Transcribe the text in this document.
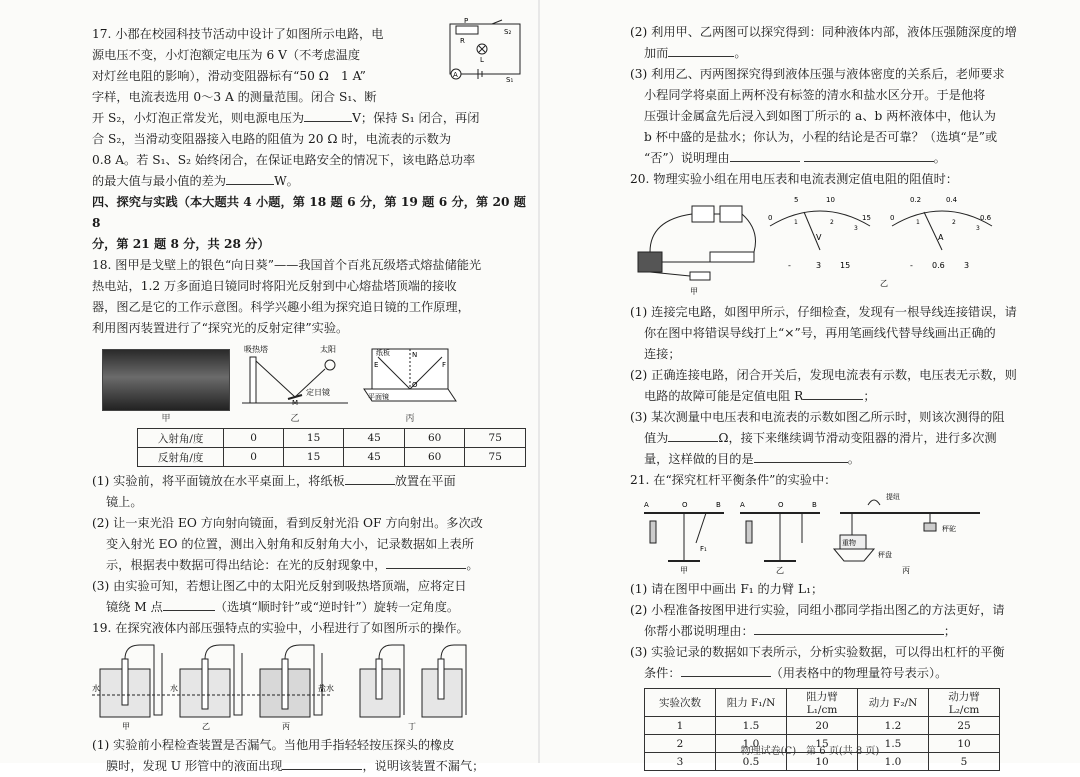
P
R
S₂
L
A
S₁

17. 小郡在校园科技节活动中设计了如图所示电路，电

源电压不变，小灯泡额定电压为 6 V（不考虑温度

对灯丝电阻的影响），滑动变阻器标有“50 Ω　1 A”

字样，电流表选用 0～3 A 的测量范围。闭合 S₁、断

开 S₂，小灯泡正常发光，则电源电压为	V；保持 S₁ 闭合，再闭

合 S₂，当滑动变阻器接入电路的阻值为 20 Ω 时，电流表的示数为

0.8 A。若 S₁、S₂ 始终闭合，在保证电路安全的情况下，该电路总功率

的最大值与最小值的差为	W。

四、探究与实践（本大题共 4 小题，第 18 题 6 分，第 19 题 6 分，第 20 题 8

分，第 21 题 8 分，共 28 分）

18. 图甲是戈壁上的银色“向日葵”——我国首个百兆瓦级塔式熔盐储能光

热电站，1.2 万多面追日镜同时将阳光反射到中心熔盐塔顶端的接收

器，图乙是它的工作示意图。科学兴趣小组为探究追日镜的工作原理，

利用图丙装置进行了“探究光的反射定律”实验。

甲
吸热塔	太阳
定日镜
M
乙
纸板	N
E	F
O
平面镜
丙
入射角/度	0	15	45	60	75
反射角/度	0	15	45	60	75

(1) 实验前，将平面镜放在水平桌面上，将纸板	放置在平面

镜上。

(2) 让一束光沿 EO 方向射向镜面，看到反射光沿 OF 方向射出。多次改

变入射光 EO 的位置，测出入射角和反射角大小，记录数据如上表所

示，根据表中数据可得出结论：在光的反射现象中，	。

(3) 由实验可知，若想让图乙中的太阳光反射到吸热塔顶端，应将定日

镜绕 M 点	（选填“顺时针”或“逆时针”）旋转一定角度。

19. 在探究液体内部压强特点的实验中，小程进行了如图所示的操作。

水	水	盐水
甲	乙	丙	丁

(1) 实验前小程检查装置是否漏气。当他用手指轻轻按压探头的橡皮

膜时，发现 U 形管中的液面出现	，说明该装置不漏气；

(2) 利用甲、乙两图可以探究得到：同种液体内部，液体压强随深度的增

加而	。

(3) 利用乙、丙两图探究得到液体压强与液体密度的关系后，老师要求

小程同学将桌面上两杯没有标签的清水和盐水区分开。于是他将

压强计金属盒先后浸入到如图丁所示的 a、b 两杯液体中，他认为

b 杯中盛的是盐水；你认为，小程的结论是否可靠？（选填“是”或

“否”）说明理由	。

20. 物理实验小组在用电压表和电流表测定值电阻的阻值时：

甲
0
5	10
15
1	2
3
V
-	3 15
0
0.2	0.4
0.6
1	2
3
A
- 0.6 3
乙

(1) 连接完电路，如图甲所示，仔细检查，发现有一根导线连接错误，请

你在图中将错误导线打上“×”号，再用笔画线代替导线画出正确的

连接；

(2) 正确连接电路，闭合开关后，发现电流表有示数，电压表无示数，则

电路的故障可能是定值电阻 R	；

(3) 某次测量中电压表和电流表的示数如图乙所示时，则该次测得的阻

值为	Ω，接下来继续调节滑动变阻器的滑片，进行多次测

量，这样做的目的是	。

21. 在“探究杠杆平衡条件”的实验中：

A	O	B
F₁
A	O	B
提纽
重物
秤盘
秤砣
甲	乙	丙

(1) 请在图甲中画出 F₁ 的力臂 L₁；

(2) 小程准备按图甲进行实验，同组小郡同学指出图乙的方法更好，请

你帮小郡说明理由：	；

(3) 实验记录的数据如下表所示，分析实验数据，可以得出杠杆的平衡

条件：	（用表格中的物理量符号表示）。

实验次数	阻力 F₁/N	阻力臂 L₁/cm	动力 F₂/N	动力臂 L₂/cm
1	1.5	20	1.2	25
2	1.0	15	1.5	10
3	0.5	10	1.0	5
物理试卷(C)　第 6 页(共 8 页)
